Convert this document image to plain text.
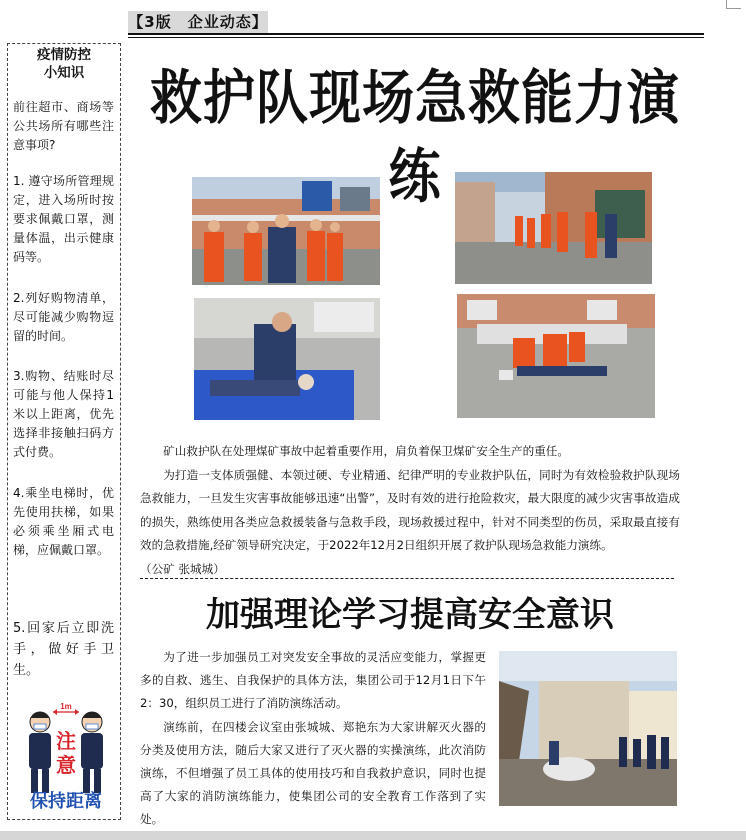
【3版　企业动态】
疫情防控
小知识
前往超市、商场等公共场所有哪些注意事项?
1. 遵守场所管理规定，进入场所时按要求佩戴口罩，测量体温，出示健康码等。
2.列好购物清单，尽可能减少购物逗留的时间。
3.购物、结账时尽可能与他人保持1米以上距离，优先选择非接触扫码方式付费。
4.乘坐电梯时，优先使用扶梯，如果必须乘坐厢式电梯，应佩戴口罩。
5.回家后立即洗手，做好手卫生。
1m
注
意
保持距离
救护队现场急救能力演练

矿山救护队在处理煤矿事故中起着重要作用，肩负着保卫煤矿安全生产的重任。

为打造一支体质强健、本领过硬、专业精通、纪律严明的专业救护队伍，同时为有效检验救护队现场急救能力，一旦发生灾害事故能够迅速“出警”，及时有效的进行抢险救灾，最大限度的减少灾害事故造成的损失，熟练使用各类应急救援装备与急救手段，现场救援过程中，针对不同类型的伤员，采取最直接有效的急救措施,经矿领导研究决定，于2022年12月2日组织开展了救护队现场急救能力演练。

（公矿 张城城）
加强理论学习提高安全意识

为了进一步加强员工对突发安全事故的灵活应变能力，掌握更多的自救、逃生、自我保护的具体方法，集团公司于12月1日下午2：30，组织员工进行了消防演练活动。

演练前，在四楼会议室由张城城、郑艳东为大家讲解灭火器的分类及使用方法，随后大家又进行了灭火器的实操演练，此次消防演练，不但增强了员工具体的使用技巧和自我救护意识，同时也提高了大家的消防演练能力，使集团公司的安全教育工作落到了实处。
